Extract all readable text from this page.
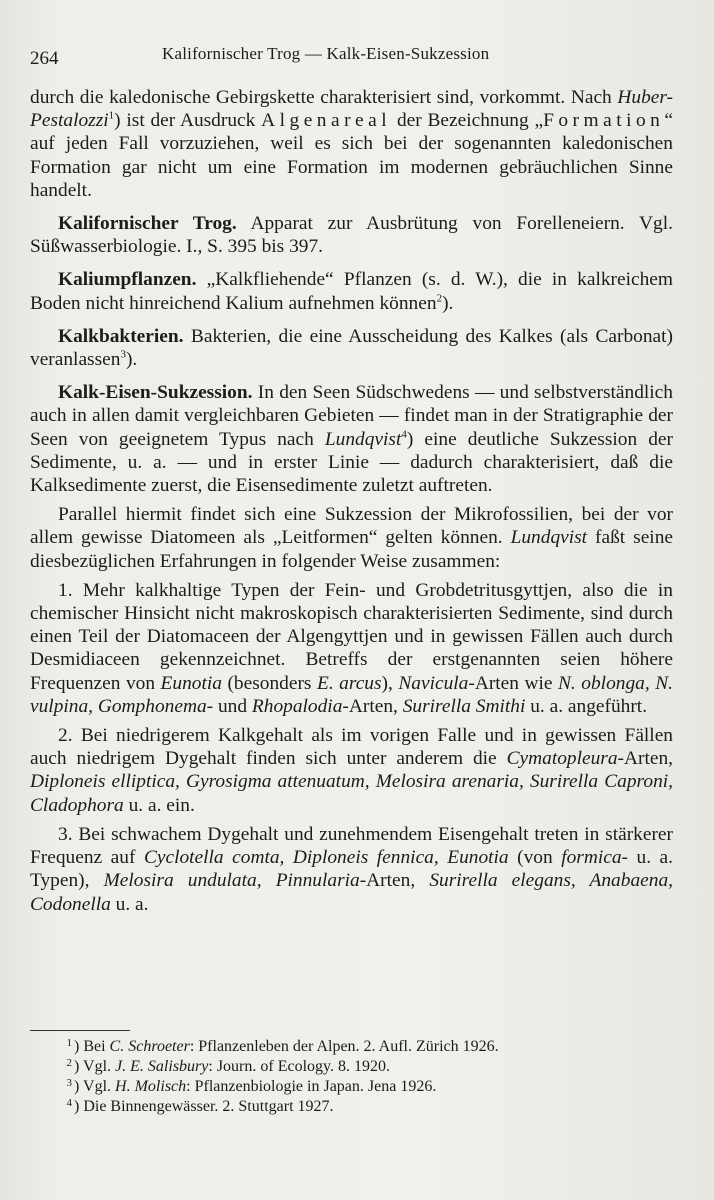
264	Kalifornischer Trog — Kalk-Eisen-Sukzession

durch die kaledonische Gebirgskette charakterisiert sind, vorkommt. Nach Huber-Pestalozzi$^1$) ist der Ausdruck Algenareal der Bezeichnung „Formation“ auf jeden Fall vorzuziehen, weil es sich bei der sogenannten kaledonischen Formation gar nicht um eine Formation im modernen gebräuchlichen Sinne handelt.

Kalifornischer Trog. Apparat zur Ausbrütung von Forelleneiern. Vgl. Süßwasserbiologie. I., S. 395 bis 397.

Kaliumpflanzen. „Kalkfliehende“ Pflanzen (s. d. W.), die in kalkreichem Boden nicht hinreichend Kalium aufnehmen können$^2$).

Kalkbakterien. Bakterien, die eine Ausscheidung des Kalkes (als Carbonat) veranlassen$^3$).

Kalk-Eisen-Sukzession. In den Seen Südschwedens — und selbstverständlich auch in allen damit vergleichbaren Gebieten — findet man in der Stratigraphie der Seen von geeignetem Typus nach Lundqvist$^4$) eine deutliche Sukzession der Sedimente, u. a. — und in erster Linie — dadurch charakterisiert, daß die Kalksedimente zuerst, die Eisensedimente zuletzt auftreten.

Parallel hiermit findet sich eine Sukzession der Mikrofossilien, bei der vor allem gewisse Diatomeen als „Leitformen“ gelten können. Lundqvist faßt seine diesbezüglichen Erfahrungen in folgender Weise zusammen:

1. Mehr kalkhaltige Typen der Fein- und Grobdetritusgyttjen, also die in chemischer Hinsicht nicht makroskopisch charakterisierten Sedimente, sind durch einen Teil der Diatomaceen der Algengyttjen und in gewissen Fällen auch durch Desmidiaceen gekennzeichnet. Betreffs der erstgenannten seien höhere Frequenzen von Eunotia (besonders E. arcus), Navicula-Arten wie N. oblonga, N. vulpina, Gomphonema- und Rhopalodia-Arten, Surirella Smithi u. a. angeführt.

2. Bei niedrigerem Kalkgehalt als im vorigen Falle und in gewissen Fällen auch niedrigem Dygehalt finden sich unter anderem die Cymatopleura-Arten, Diploneis elliptica, Gyrosigma attenuatum, Melosira arenaria, Surirella Caproni, Cladophora u. a. ein.

3. Bei schwachem Dygehalt und zunehmendem Eisengehalt treten in stärkerer Frequenz auf Cyclotella comta, Diploneis fennica, Eunotia (von formica- u. a. Typen), Melosira undulata, Pinnularia-Arten, Surirella elegans, Anabaena, Codonella u. a.

1 ) Bei C. Schroeter: Pflanzenleben der Alpen. 2. Aufl. Zürich 1926.
2 ) Vgl. J. E. Salisbury: Journ. of Ecology. 8. 1920.
3 ) Vgl. H. Molisch: Pflanzenbiologie in Japan. Jena 1926.
4 ) Die Binnengewässer. 2. Stuttgart 1927.
